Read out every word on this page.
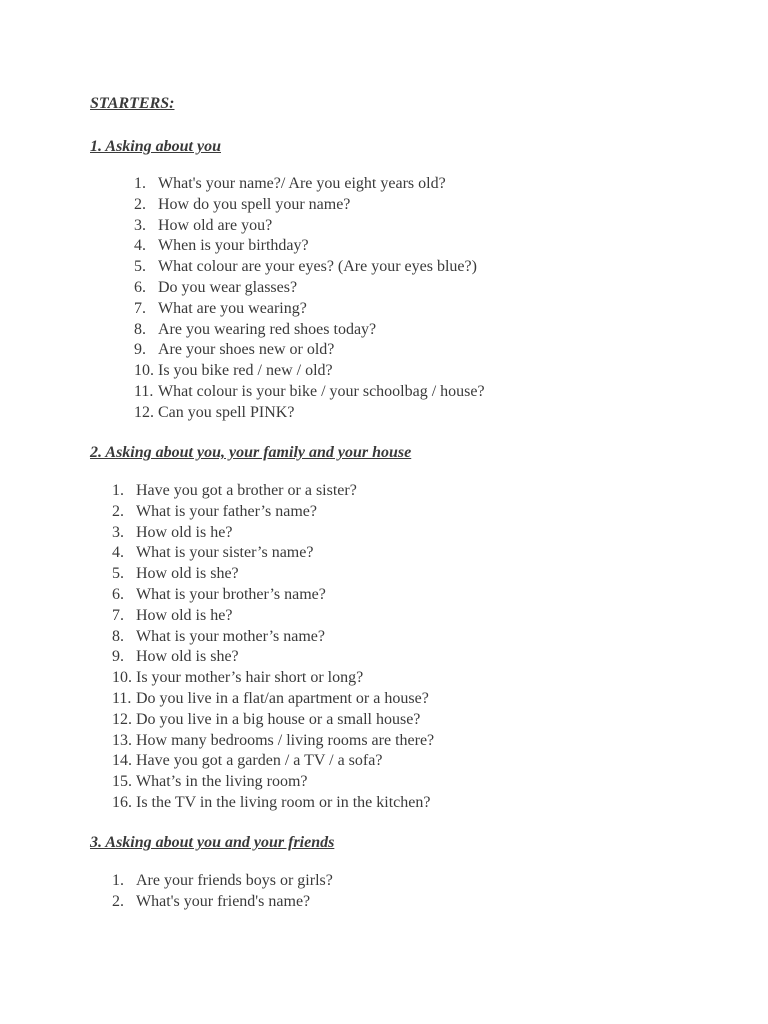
STARTERS:

1. Asking about you

1. What's your name?/ Are you eight years old?
2. How do you spell your name?
3. How old are you?
4. When is your birthday?
5. What colour are your eyes? (Are your eyes blue?)
6. Do you wear glasses?
7. What are you wearing?
8. Are you wearing red shoes today?
9. Are your shoes new or old?
10. Is you bike red / new / old?
11. What colour is your bike / your schoolbag / house?
12. Can you spell PINK?

2. Asking about you, your family and your house

1. Have you got a brother or a sister?
2. What is your father’s name?
3. How old is he?
4. What is your sister’s name?
5. How old is she?
6. What is your brother’s name?
7. How old is he?
8. What is your mother’s name?
9. How old is she?
10. Is your mother’s hair short or long?
11. Do you live in a flat/an apartment or a house?
12. Do you live in a big house or a small house?
13. How many bedrooms / living rooms are there?
14. Have you got a garden / a TV / a sofa?
15. What’s in the living room?
16. Is the TV in the living room or in the kitchen?

3. Asking about you and your friends

1. Are your friends boys or girls?
2. What's your friend's name?
